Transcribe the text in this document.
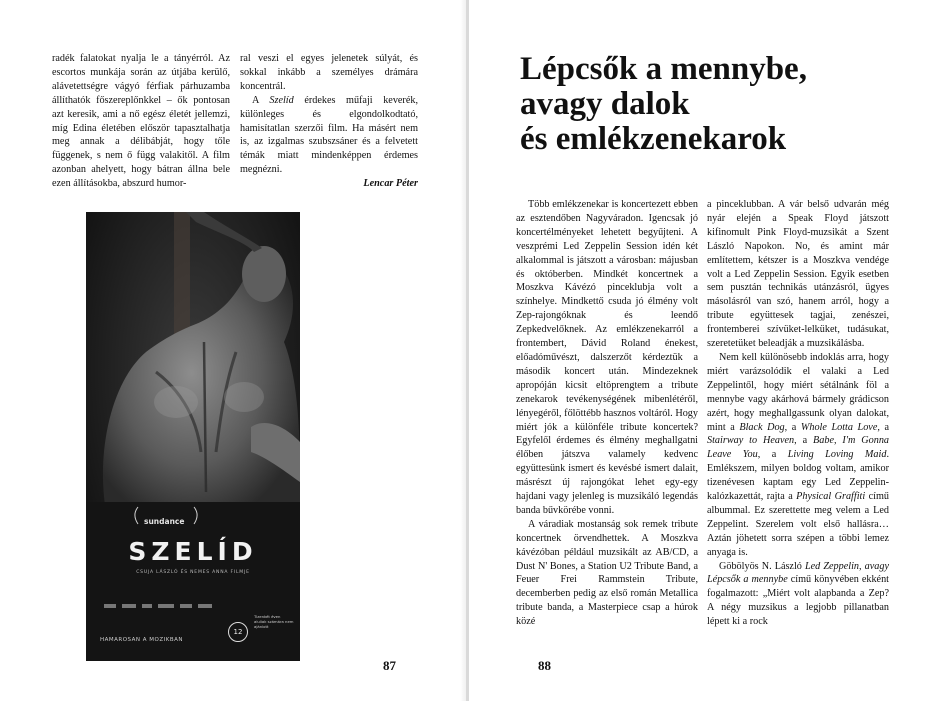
radék falatokat nyalja le a tányérról. Az escortos munkája során az útjába kerülő, alávetettségre vágyó férfiak párhuzamba állíthatók főszereplőnkkel – ők pontosan azt keresik, ami a nő egész életét jellemzi, míg Edina életében először tapasztalhatja meg annak a délibábját, hogy tőle függenek, s nem ő függ valakitől. A film azonban ahelyett, hogy bátran állna bele ezen állításokba, abszurd humor-

ral veszi el egyes jelenetek súlyát, és sokkal inkább a személyes drámára koncentrál.

A Szelíd érdekes műfaji keverék, különleges és elgondolkodtató, hamisítatlan szerzői film. Ha másért nem is, az izgalmas szubszsáner és a felvetett témák miatt mindenképpen érdemes megnézni.

Lencar Péter

sundance
SZELÍD
CSUJA LÁSZLÓ ÉS NEMES ANNA FILMJE
12
Tizenkét éven aluliak számára nem ajánlott
HAMAROSAN A MOZIKBAN
87
Lépcsők a mennybe,
avagy dalok
és emlékzenekarok

Több emlékzenekar is koncertezett ebben az esztendőben Nagyváradon. Igencsak jó koncertélményeket lehetett begyűjteni. A veszprémi Led Zeppelin Session idén két alkalommal is játszott a városban: májusban és októberben. Mindkét koncertnek a Moszkva Kávézó pinceklubja volt a színhelye. Mindkettő csuda jó élmény volt Zep-rajongóknak és leendő Zepkedvelőknek. Az emlékzenekarról a frontembert, Dávid Roland énekest, előadóművészt, dalszerzőt kérdeztük a második koncert után. Mindezeknek apropóján kicsit eltöprengtem a tribute zenekarok tevékenységének mibenlétéről, lényegéről, főlöttébb hasznos voltáról. Hogy miért jók a különféle tribute koncertek? Egyfelől érdemes és élmény meghallgatni élőben játszva valamely kedvenc együttesünk ismert és kevésbé ismert dalait, másrészt új rajongókat lehet egy-egy hajdani vagy jelenleg is muzsikáló legendás banda bűvkörébe vonni.

A váradiak mostanság sok remek tribute koncertnek örvendhettek. A Moszkva kávézóban például muzsikált az AB/CD, a Dust N' Bones, a Station U2 Tribute Band, a Feuer Frei Rammstein Tribute, decemberben pedig az első román Metallica tribute banda, a Masterpiece csap a húrok közé

a pinceklubban. A vár belső udvarán még nyár elején a Speak Floyd játszott kifinomult Pink Floyd-muzsikát a Szent László Napokon. No, és amint már említettem, kétszer is a Moszkva vendége volt a Led Zeppelin Session. Egyik esetben sem pusztán technikás utánzásról, ügyes másolásról van szó, hanem arról, hogy a tribute együttesek tagjai, zenészei, frontemberei szívüket-lelküket, tudásukat, szeretetüket beleadják a muzsikálásba.

Nem kell különösebb indoklás arra, hogy miért varázsolódik el valaki a Led Zeppelintől, hogy miért sétálnánk föl a mennybe vagy akárhová bármely grádicson azért, hogy meghallgassunk olyan dalokat, mint a Black Dog, a Whole Lotta Love, a Stairway to Heaven, a Babe, I'm Gonna Leave You, a Living Loving Maid. Emlékszem, milyen boldog voltam, amikor tizenévesen kaptam egy Led Zeppelin-kalózkazettát, rajta a Physical Graffiti című albummal. Ez szerettette meg velem a Led Zeppelint. Szerelem volt első hallásra… Aztán jöhetett sorra szépen a többi lemez anyaga is.

Göbölyös N. László Led Zeppelin, avagy Lépcsők a mennybe című könyvében ekként fogalmazott: „Miért volt alapbanda a Zep? A négy muzsikus a legjobb pillanatban lépett ki a rock

88
